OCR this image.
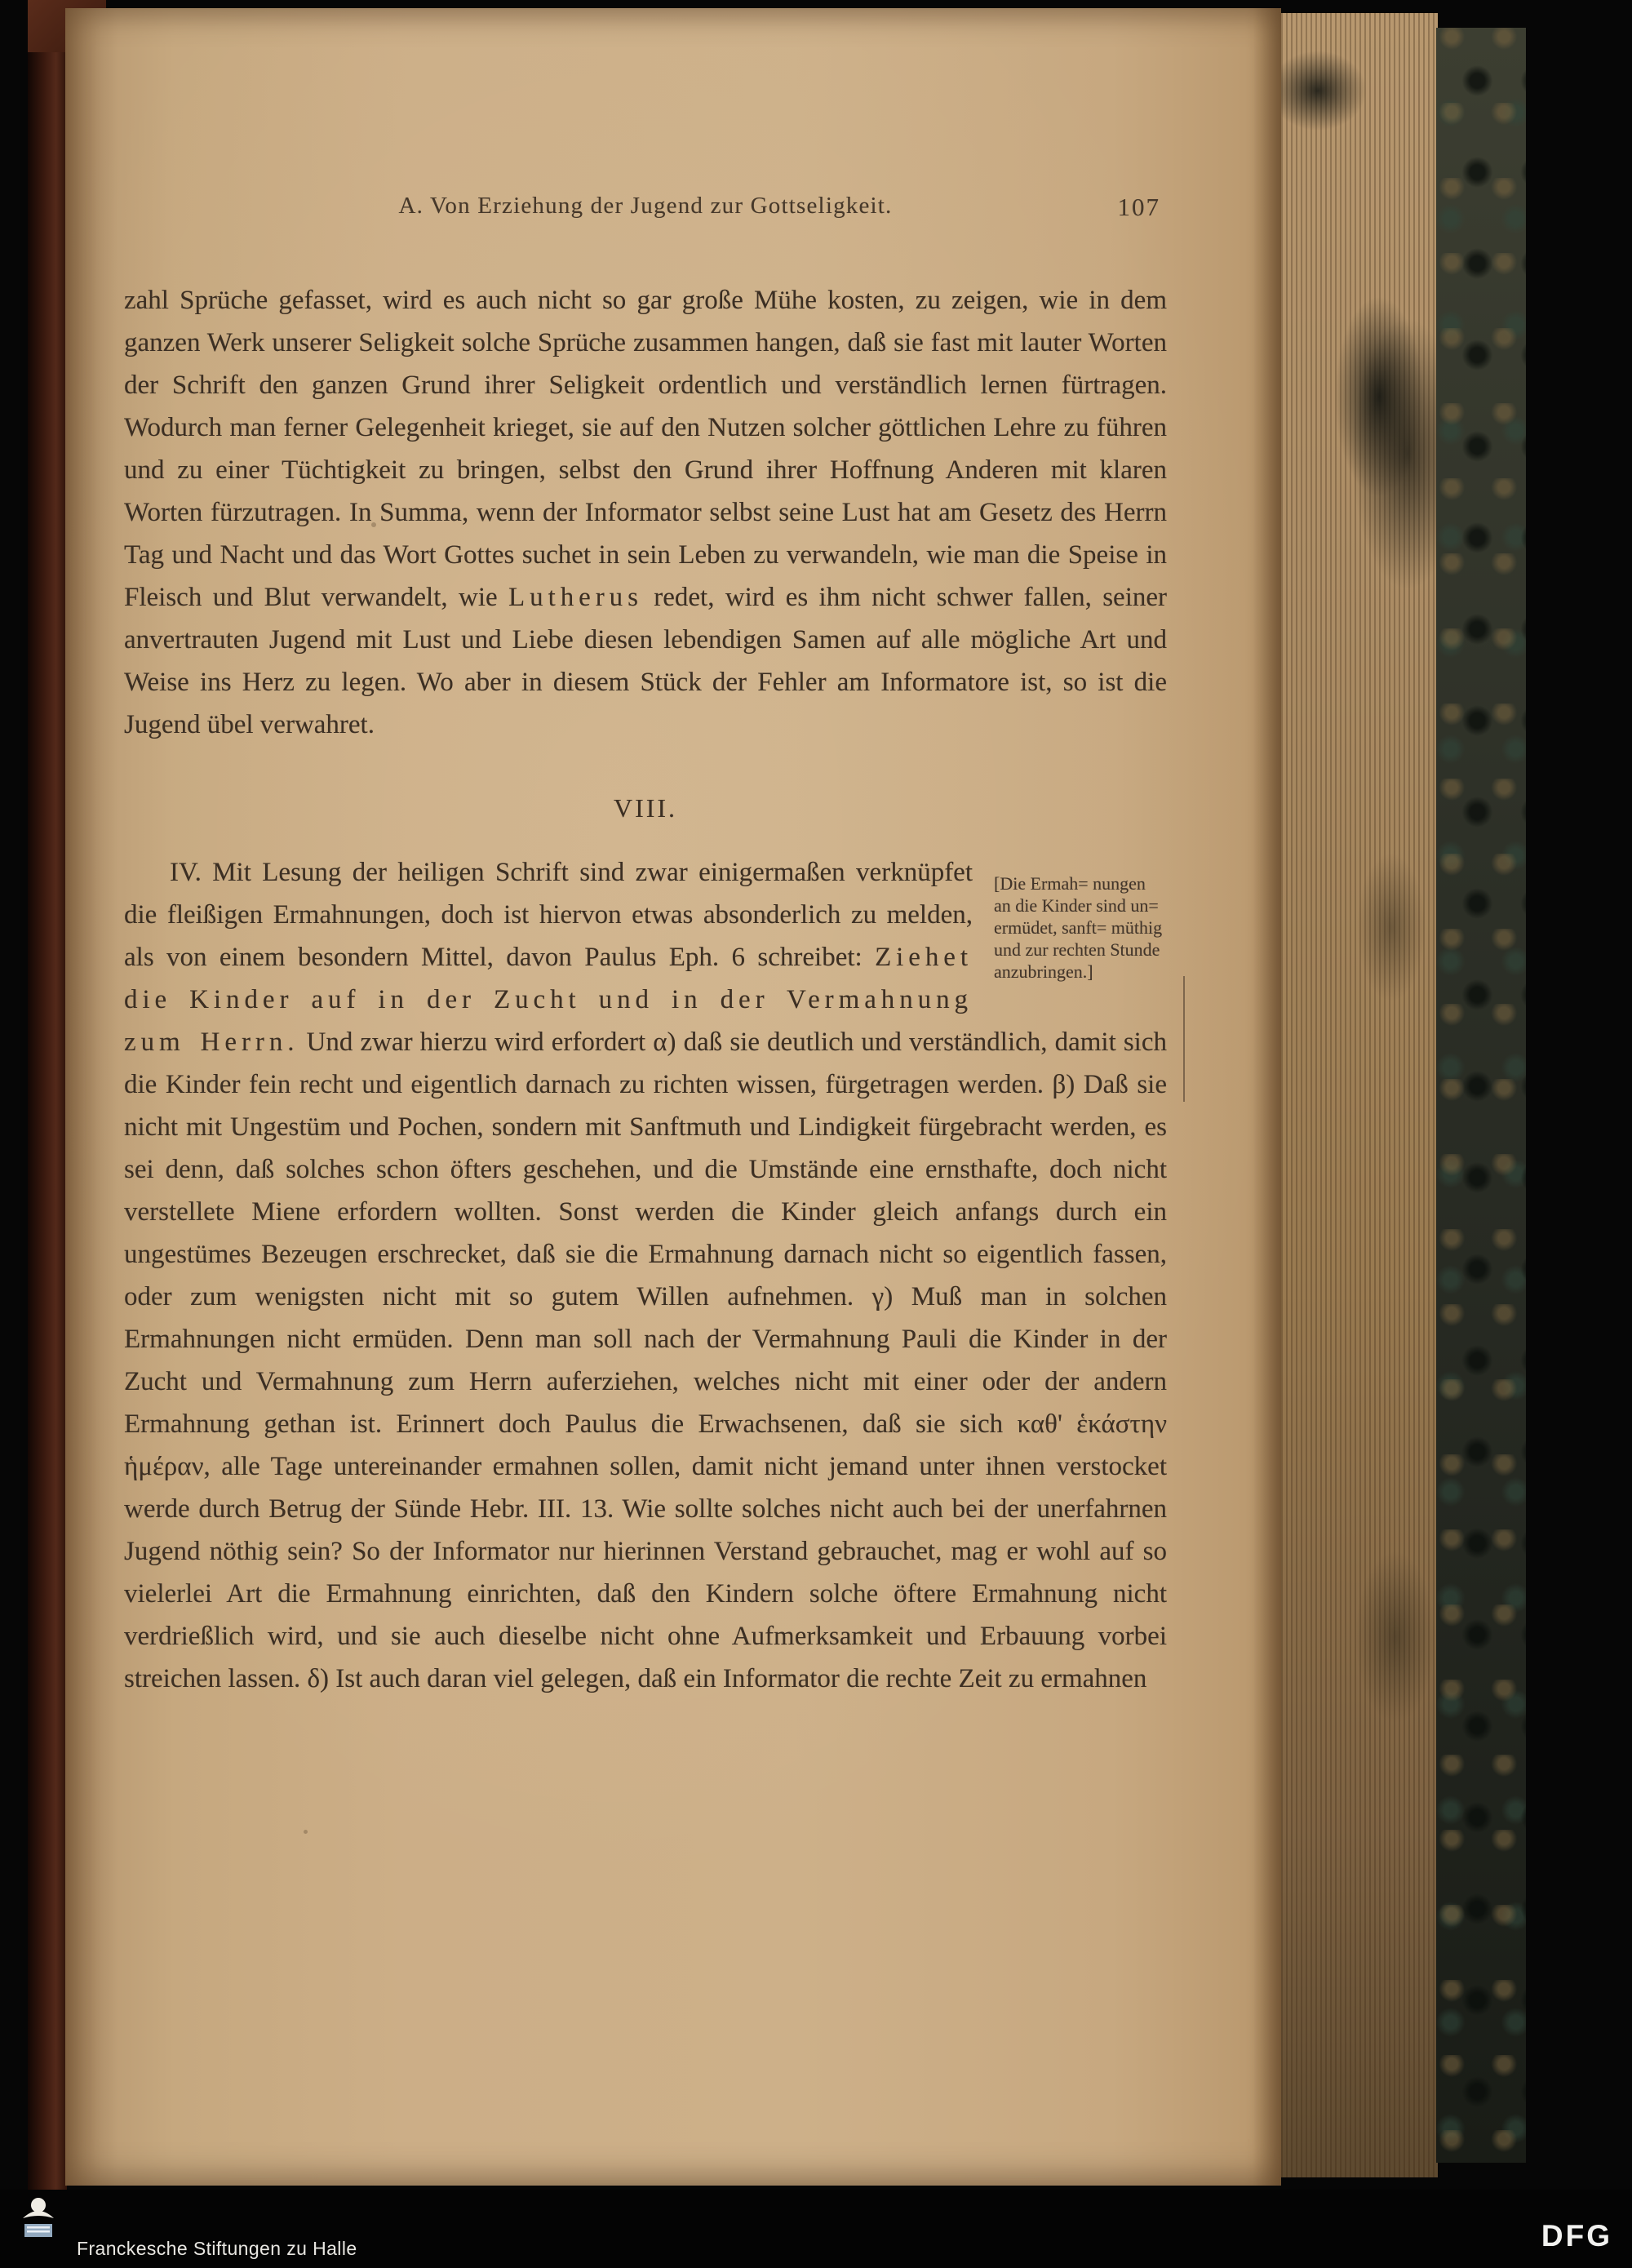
A. Von Erziehung der Jugend zur Gottseligkeit.	107

zahl Sprüche gefasset, wird es auch nicht so gar große Mühe kosten, zu zeigen, wie in dem ganzen Werk unserer Seligkeit solche Sprüche zusammen hangen, daß sie fast mit lauter Worten der Schrift den ganzen Grund ihrer Seligkeit ordentlich und verständlich lernen fürtragen. Wodurch man ferner Gelegenheit krieget, sie auf den Nutzen solcher göttlichen Lehre zu führen und zu einer Tüchtigkeit zu bringen, selbst den Grund ihrer Hoffnung Anderen mit klaren Worten fürzutragen. In Summa, wenn der Informator selbst seine Lust hat am Gesetz des Herrn Tag und Nacht und das Wort Gottes suchet in sein Leben zu verwandeln, wie man die Speise in Fleisch und Blut verwandelt, wie Lutherus redet, wird es ihm nicht schwer fallen, seiner anvertrauten Jugend mit Lust und Liebe diesen lebendigen Samen auf alle mögliche Art und Weise ins Herz zu legen. Wo aber in diesem Stück der Fehler am Informatore ist, so ist die Jugend übel verwahret.

VIII.

[Die Ermah= nungen an die Kinder sind un= ermüdet, sanft= müthig und zur rechten Stunde anzubringen.]
IV. Mit Lesung der heiligen Schrift sind zwar einigermaßen verknüpfet die fleißigen Ermahnungen, doch ist hiervon etwas absonderlich zu melden, als von einem besondern Mittel, davon Paulus Eph. 6 schreibet: Ziehet die Kinder auf in der Zucht und in der Vermahnung zum Herrn. Und zwar hierzu wird erfordert α) daß sie deutlich und verständlich, damit sich die Kinder fein recht und eigentlich darnach zu richten wissen, fürgetragen werden. β) Daß sie nicht mit Ungestüm und Pochen, sondern mit Sanftmuth und Lindigkeit fürgebracht werden, es sei denn, daß solches schon öfters geschehen, und die Umstände eine ernsthafte, doch nicht verstellete Miene erfordern wollten. Sonst werden die Kinder gleich anfangs durch ein ungestümes Bezeugen erschrecket, daß sie die Ermahnung darnach nicht so eigentlich fassen, oder zum wenigsten nicht mit so gutem Willen aufnehmen. γ) Muß man in solchen Ermahnungen nicht ermüden. Denn man soll nach der Vermahnung Pauli die Kinder in der Zucht und Vermahnung zum Herrn auferziehen, welches nicht mit einer oder der andern Ermahnung gethan ist. Erinnert doch Paulus die Erwachsenen, daß sie sich καθ' ἑκάστην ἡμέραν, alle Tage untereinander ermahnen sollen, damit nicht jemand unter ihnen verstocket werde durch Betrug der Sünde Hebr. III. 13. Wie sollte solches nicht auch bei der unerfahrnen Jugend nöthig sein? So der Informator nur hierinnen Verstand gebrauchet, mag er wohl auf so vielerlei Art die Ermahnung einrichten, daß den Kindern solche öftere Ermahnung nicht verdrießlich wird, und sie auch dieselbe nicht ohne Aufmerksamkeit und Erbauung vorbei streichen lassen. δ) Ist auch daran viel gelegen, daß ein Informator die rechte Zeit zu ermahnen

Franckesche Stiftungen zu Halle	DFG
